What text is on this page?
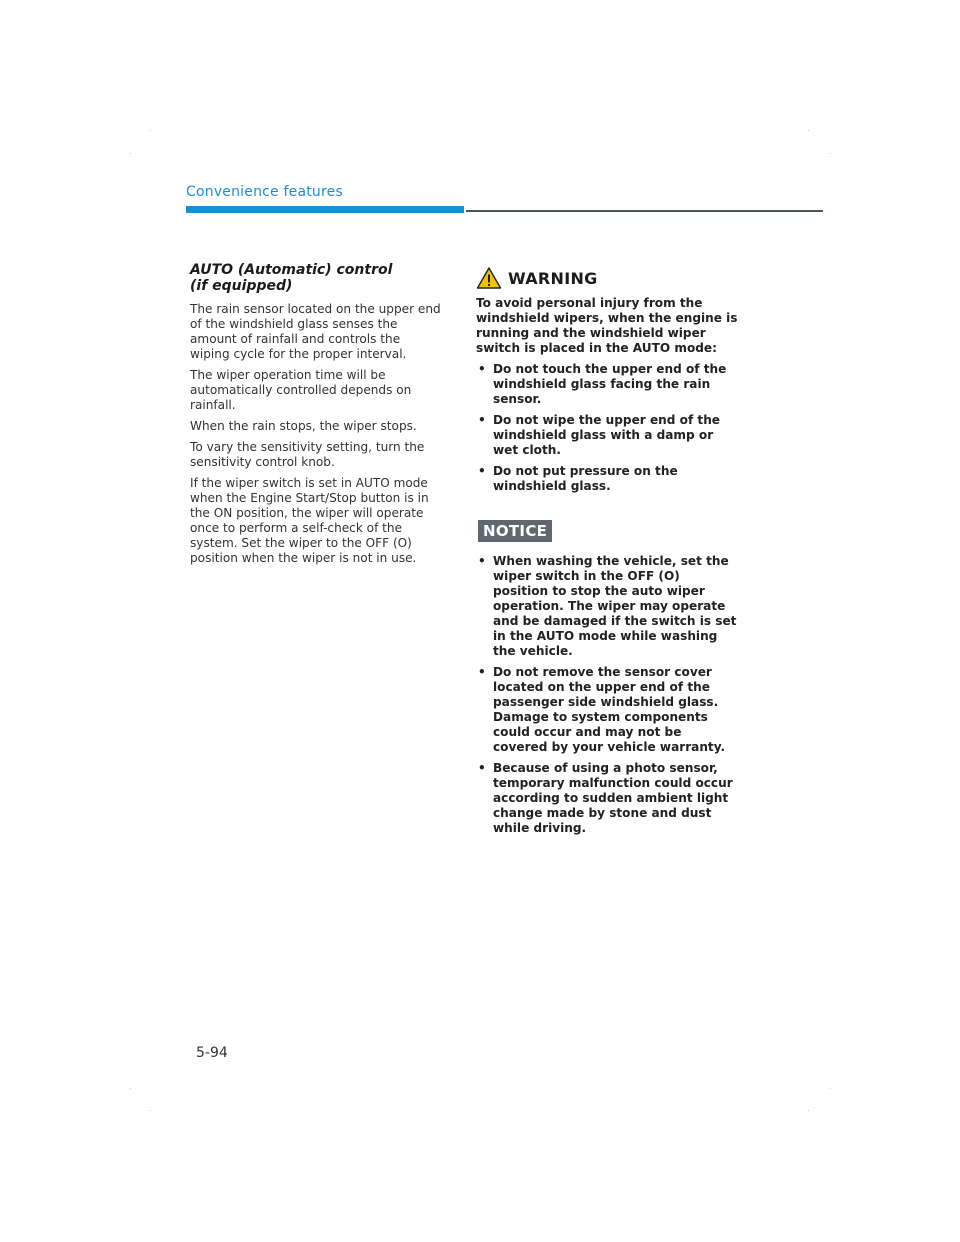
Convenience features
AUTO (Automatic) control
(if equipped)

The rain sensor located on the upper end of the windshield glass senses the amount of rainfall and controls the wiping cycle for the proper interval.

The wiper operation time will be automatically controlled depends on rainfall.

When the rain stops, the wiper stops.

To vary the sensitivity setting, turn the sensitivity control knob.

If the wiper switch is set in AUTO mode when the Engine Start/Stop button is in the ON position, the wiper will operate once to perform a self-check of the system. Set the wiper to the OFF (O) position when the wiper is not in use.

WARNING
To avoid personal injury from the windshield wipers, when the engine is running and the windshield wiper switch is placed in the AUTO mode:
• Do not touch the upper end of the windshield glass facing the rain sensor.
• Do not wipe the upper end of the windshield glass with a damp or wet cloth.
• Do not put pressure on the windshield glass.
NOTICE
• When washing the vehicle, set the wiper switch in the OFF (O) position to stop the auto wiper operation. The wiper may operate and be damaged if the switch is set in the AUTO mode while washing the vehicle.
• Do not remove the sensor cover located on the upper end of the passenger side windshield glass. Damage to system components could occur and may not be covered by your vehicle warranty.
• Because of using a photo sensor, temporary malfunction could occur according to sudden ambient light change made by stone and dust while driving.
5-94
